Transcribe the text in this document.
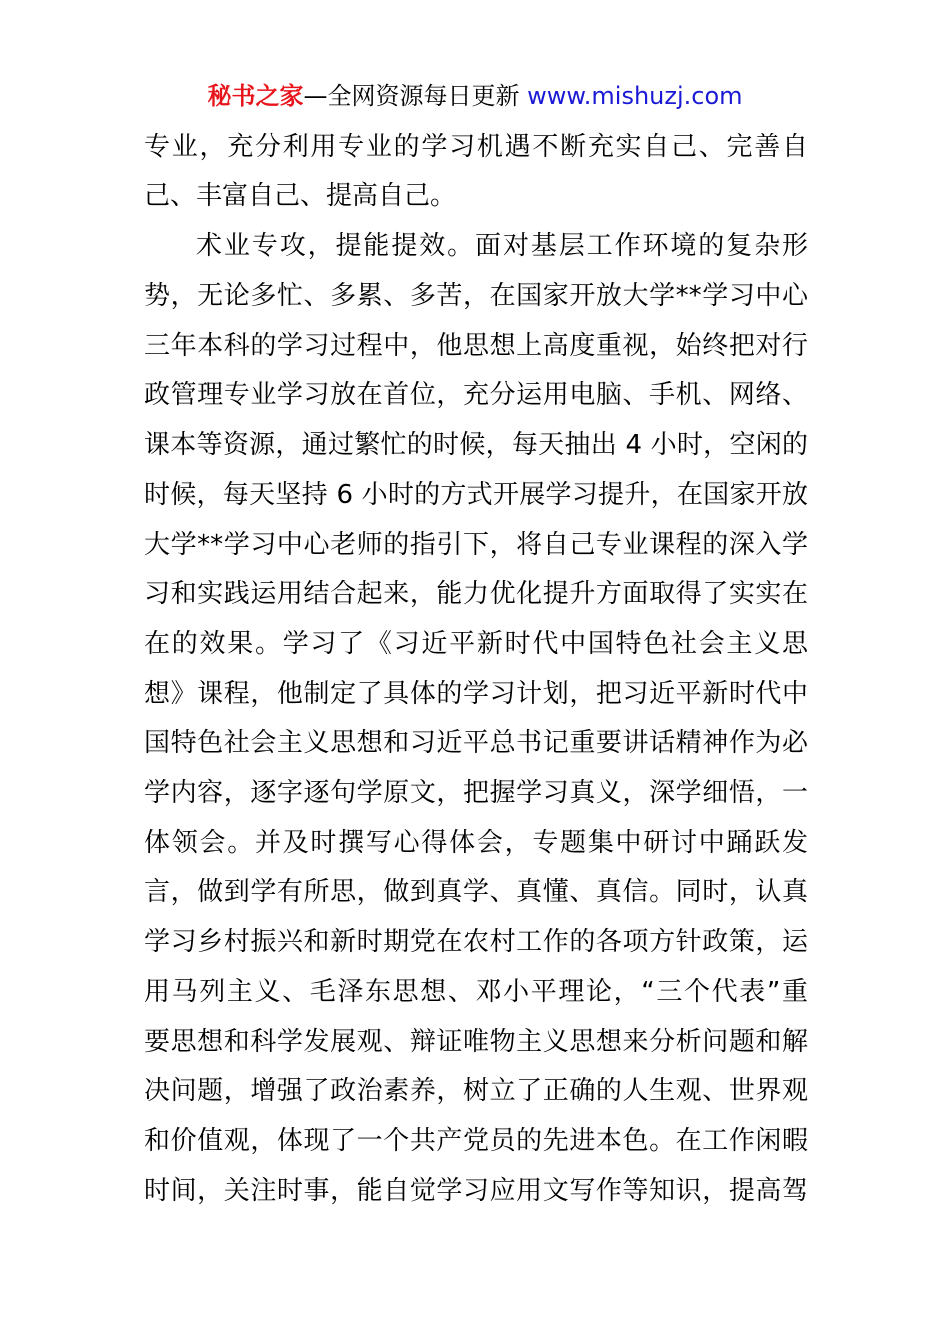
秘书之家—全网资源每日更新 www.mishuzj.com
专业，充分利用专业的学习机遇不断充实自己、完善自
己、丰富自己、提高自己。
术业专攻，提能提效。面对基层工作环境的复杂形
势，无论多忙、多累、多苦，在国家开放大学**学习中心
三年本科的学习过程中，他思想上高度重视，始终把对行
政管理专业学习放在首位，充分运用电脑、手机、网络、
课本等资源，通过繁忙的时候，每天抽出 4 小时，空闲的
时候，每天坚持 6 小时的方式开展学习提升，在国家开放
大学**学习中心老师的指引下，将自己专业课程的深入学
习和实践运用结合起来，能力优化提升方面取得了实实在
在的效果。学习了《习近平新时代中国特色社会主义思
想》课程，他制定了具体的学习计划，把习近平新时代中
国特色社会主义思想和习近平总书记重要讲话精神作为必
学内容，逐字逐句学原文，把握学习真义，深学细悟，一
体领会。并及时撰写心得体会，专题集中研讨中踊跃发
言，做到学有所思，做到真学、真懂、真信。同时，认真
学习乡村振兴和新时期党在农村工作的各项方针政策，运
用马列主义、毛泽东思想、邓小平理论，“三个代表”重
要思想和科学发展观、辩证唯物主义思想来分析问题和解
决问题，增强了政治素养，树立了正确的人生观、世界观
和价值观，体现了一个共产党员的先进本色。在工作闲暇
时间，关注时事，能自觉学习应用文写作等知识，提高驾
